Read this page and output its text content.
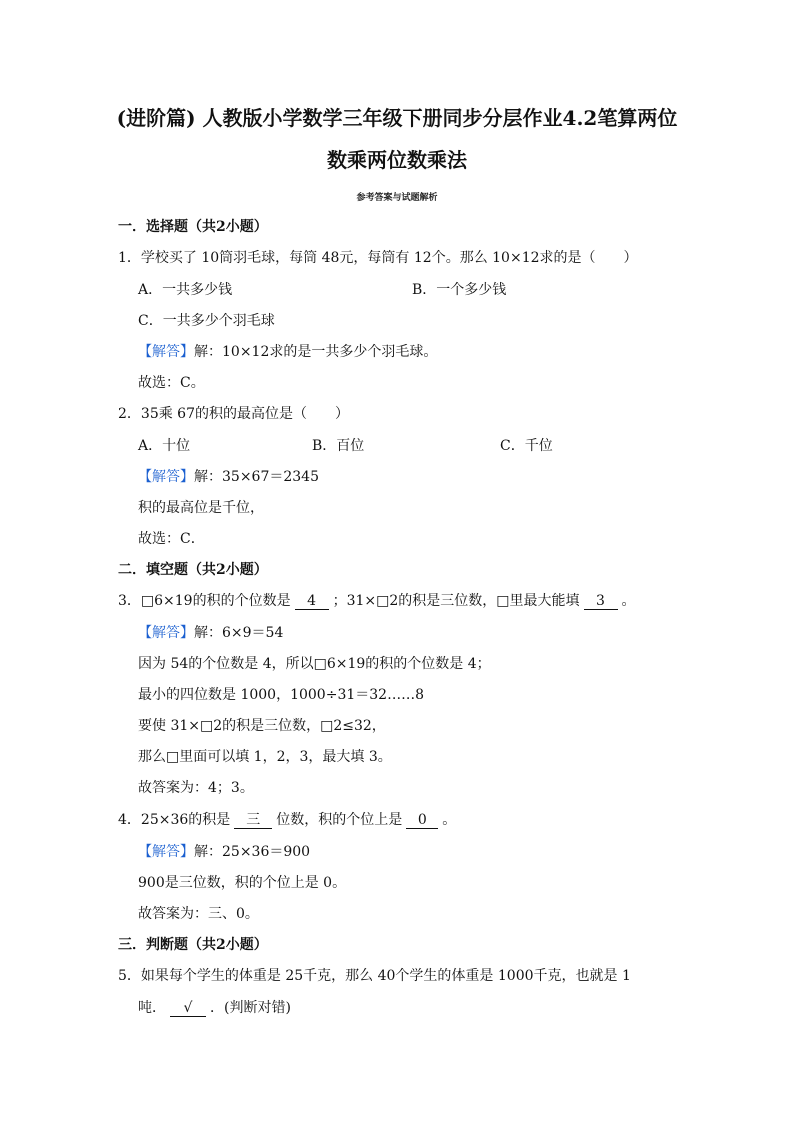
(进阶篇) 人教版小学数学三年级下册同步分层作业4.2笔算两位
数乘两位数乘法
参考答案与试题解析
一．选择题（共2小题）
1．学校买了 10筒羽毛球，每筒 48元，每筒有 12个。那么 10×12求的是（　　）
A．一共多少钱	B．一个多少钱
C．一共多少个羽毛球
【解答】解：10×12求的是一共多少个羽毛球。
故选：C。
2．35乘 67的积的最高位是（　　）
A．十位	B．百位	C．千位
【解答】解：35×67＝2345
积的最高位是千位，
故选：C．
二．填空题（共2小题）
3．□6×19的积的个位数是 4 ；31×□2的积是三位数，□里最大能填 3 。
【解答】解：6×9＝54
因为 54的个位数是 4，所以□6×19的积的个位数是 4；
最小的四位数是 1000，1000÷31＝32……8
要使 31×□2的积是三位数，□2≤32，
那么□里面可以填 1，2，3，最大填 3。
故答案为：4；3。
4．25×36的积是 三 位数，积的个位上是 0 。
【解答】解：25×36＝900
900是三位数，积的个位上是 0。
故答案为：三、0。
三．判断题（共2小题）
5．如果每个学生的体重是 25千克，那么 40个学生的体重是 1000千克，也就是 1
吨． √ ．(判断对错)
